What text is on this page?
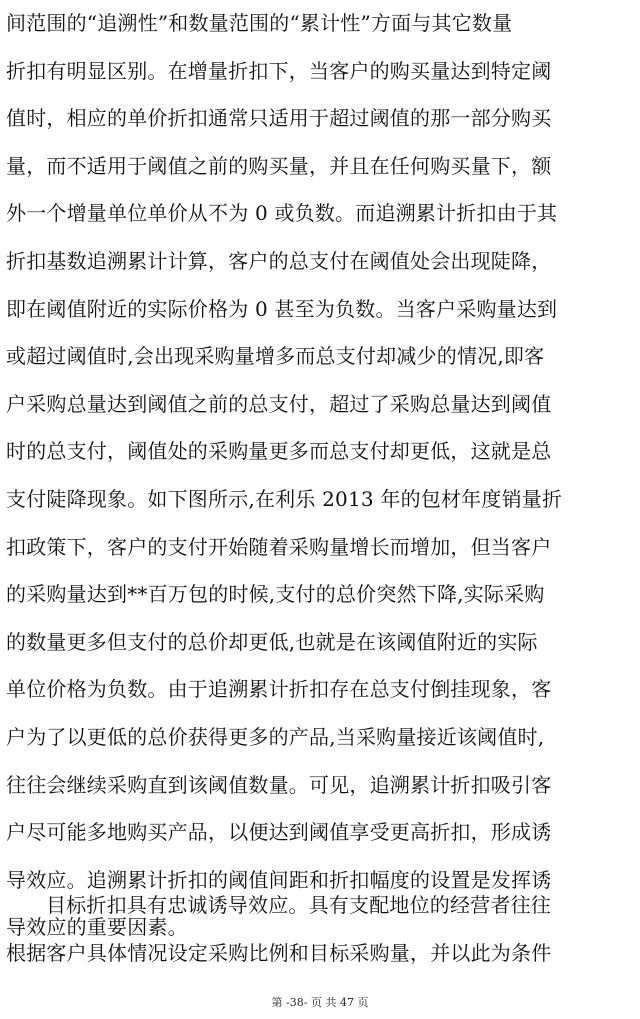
间范围的“追溯性”和数量范围的“累计性”方面与其它数量
折扣有明显区别。在增量折扣下，当客户的购买量达到特定阈
值时，相应的单价折扣通常只适用于超过阈值的那一部分购买
量，而不适用于阈值之前的购买量，并且在任何购买量下，额
外一个增量单位单价从不为 0 或负数。而追溯累计折扣由于其
折扣基数追溯累计计算，客户的总支付在阈值处会出现陡降，
即在阈值附近的实际价格为 0 甚至为负数。当客户采购量达到
或超过阈值时,会出现采购量增多而总支付却减少的情况,即客
户采购总量达到阈值之前的总支付，超过了采购总量达到阈值
时的总支付，阈值处的采购量更多而总支付却更低，这就是总
支付陡降现象。如下图所示,在利乐 2013 年的包材年度销量折
扣政策下，客户的支付开始随着采购量增长而增加，但当客户
的采购量达到**百万包的时候,支付的总价突然下降,实际采购
的数量更多但支付的总价却更低,也就是在该阈值附近的实际
单位价格为负数。由于追溯累计折扣存在总支付倒挂现象，客
户为了以更低的总价获得更多的产品,当采购量接近该阈值时,
往往会继续采购直到该阈值数量。可见，追溯累计折扣吸引客
户尽可能多地购买产品，以便达到阈值享受更高折扣，形成诱
导效应。追溯累计折扣的阈值间距和折扣幅度的设置是发挥诱
导效应的重要因素。
目标折扣具有忠诚诱导效应。具有支配地位的经营者往往
根据客户具体情况设定采购比例和目标采购量，并以此为条件
第 -38- 页 共 47 页
